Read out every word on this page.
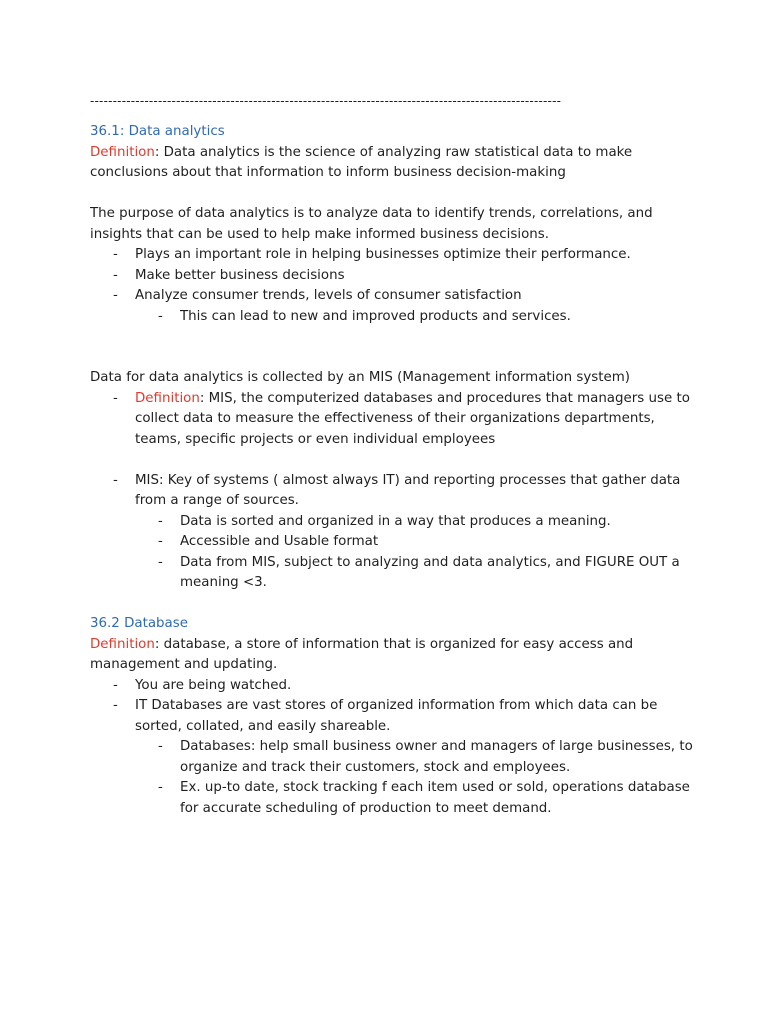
--------------------------------------------------------------------------------------------------------
36.1: Data analytics
Definition: Data analytics is the science of analyzing raw statistical data to make
conclusions about that information to inform business decision-making
The purpose of data analytics is to analyze data to identify trends, correlations, and
insights that can be used to help make informed business decisions.
- Plays an important role in helping businesses optimize their performance.
- Make better business decisions
- Analyze consumer trends, levels of consumer satisfaction
- This can lead to new and improved products and services.
Data for data analytics is collected by an MIS (Management information system)
- Definition: MIS, the computerized databases and procedures that managers use to
collect data to measure the effectiveness of their organizations departments,
teams, specific projects or even individual employees
- MIS: Key of systems ( almost always IT) and reporting processes that gather data
from a range of sources.
- Data is sorted and organized in a way that produces a meaning.
- Accessible and Usable format
- Data from MIS, subject to analyzing and data analytics, and FIGURE OUT a
meaning <3.
36.2 Database
Definition: database, a store of information that is organized for easy access and
management and updating.
- You are being watched.
- IT Databases are vast stores of organized information from which data can be
sorted, collated, and easily shareable.
- Databases: help small business owner and managers of large businesses, to
organize and track their customers, stock and employees.
- Ex. up-to date, stock tracking f each item used or sold, operations database
for accurate scheduling of production to meet demand.
